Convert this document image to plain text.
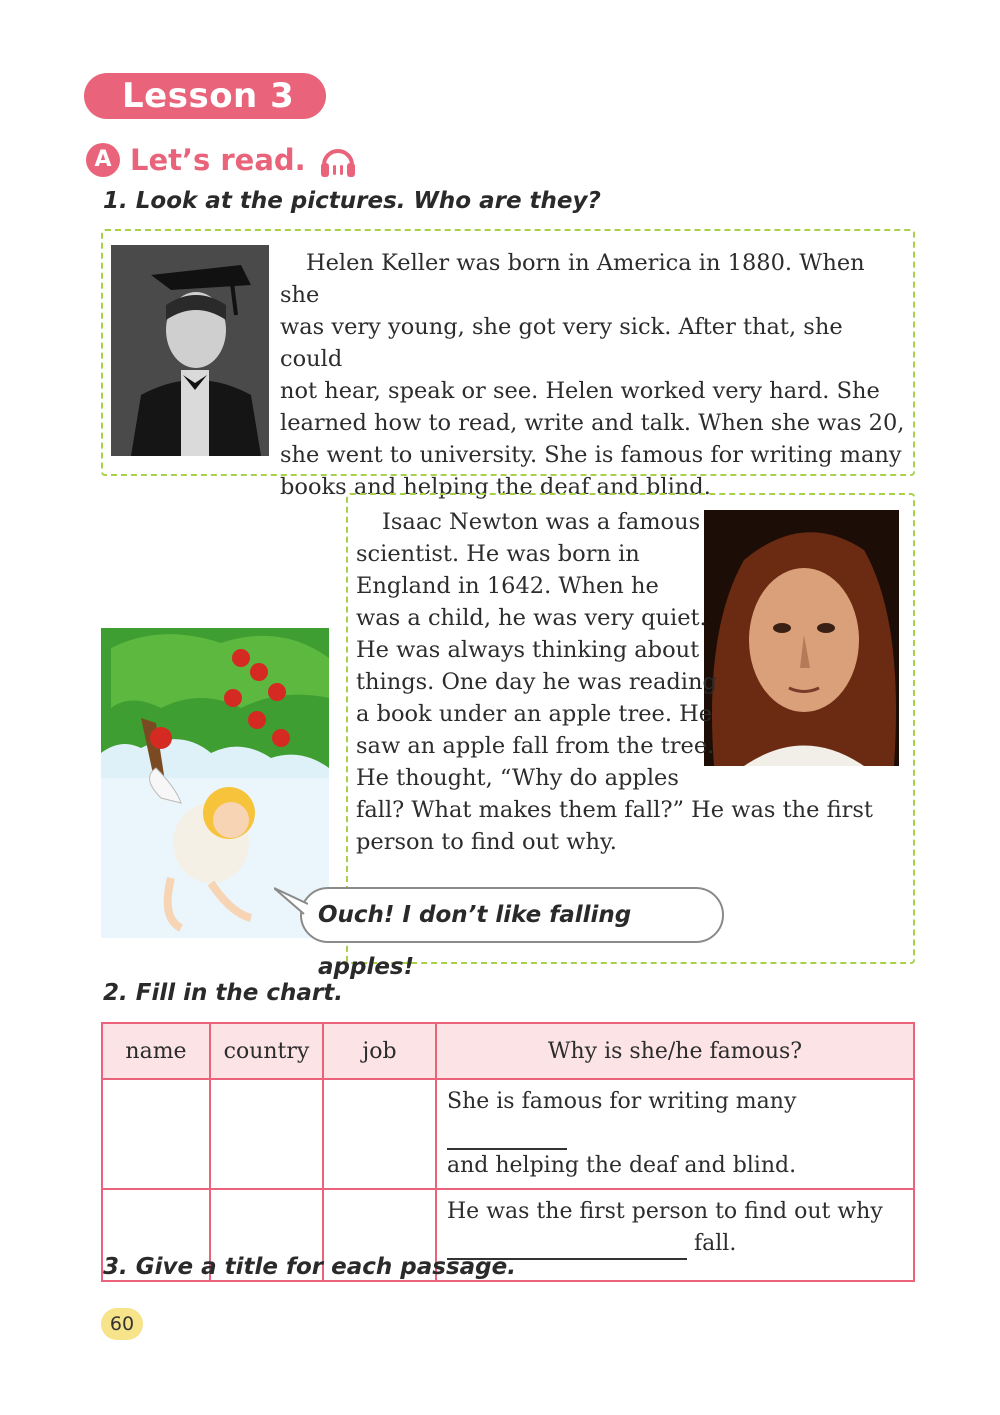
Lesson 3
A Let’s read.
1. Look at the pictures. Who are they?
Helen Keller was born in America in 1880. When she
was very young, she got very sick. After that, she could
not hear, speak or see. Helen worked very hard. She
learned how to read, write and talk. When she was 20,
she went to university. She is famous for writing many
books and helping the deaf and blind.
Isaac Newton was a famous
scientist. He was born in
England in 1642. When he
was a child, he was very quiet.
He was always thinking about
things. One day he was reading
a book under an apple tree. He
saw an apple fall from the tree.
He thought, “Why do apples
fall? What makes them fall?” He was the first
person to find out why.
Ouch! I don’t like falling apples!
2. Fill in the chart.
name	country	job	Why is she/he famous?

			She is famous for writing many
and helping the deaf and blind.

			He was the first person to find out why
fall.
3. Give a title for each passage.
60
